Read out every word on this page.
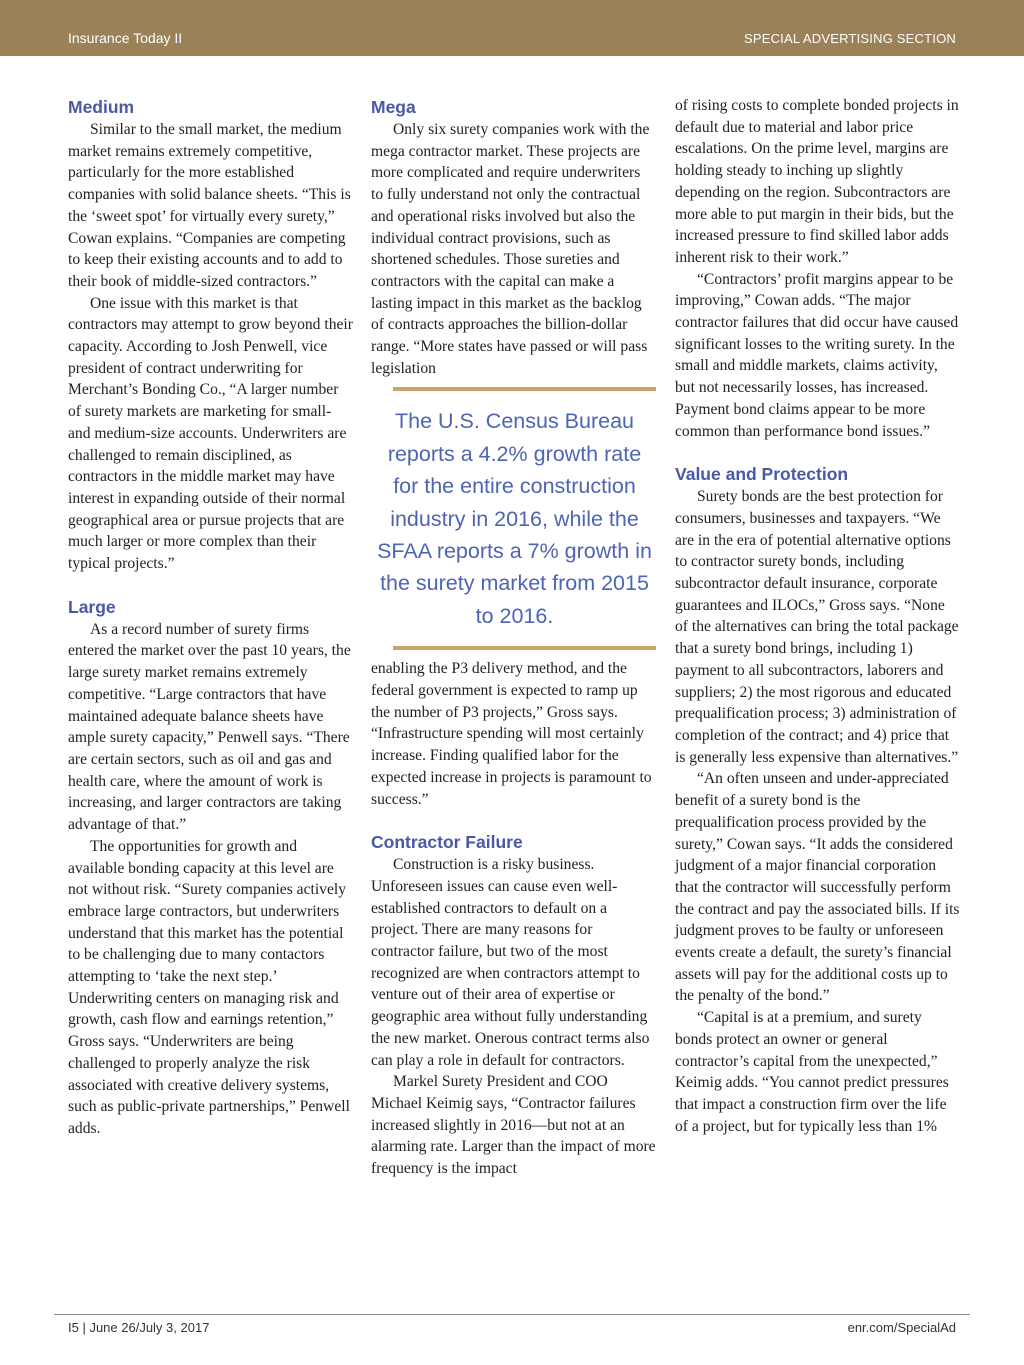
Insurance Today II	SPECIAL ADVERTISING SECTION
Medium

Similar to the small market, the medium market remains extremely competitive, particularly for the more established companies with solid balance sheets. “This is the ‘sweet spot’ for virtually every surety,” Cowan explains. “Companies are competing to keep their existing accounts and to add to their book of middle-sized contractors.”

One issue with this market is that contractors may attempt to grow beyond their capacity. According to Josh Penwell, vice president of contract underwriting for Merchant’s Bonding Co., “A larger number of surety markets are marketing for small- and medium-size accounts. Underwriters are challenged to remain disciplined, as contractors in the middle market may have interest in expanding outside of their normal geographical area or pursue projects that are much larger or more complex than their typical projects.”

Large

As a record number of surety firms entered the market over the past 10 years, the large surety market remains extremely competitive. “Large contractors that have maintained adequate balance sheets have ample surety capacity,” Penwell says. “There are certain sectors, such as oil and gas and health care, where the amount of work is increasing, and larger contractors are taking advantage of that.”

The opportunities for growth and available bonding capacity at this level are not without risk. “Surety companies actively embrace large contractors, but underwriters understand that this market has the potential to be challenging due to many contactors attempting to ‘take the next step.’ Underwriting centers on managing risk and growth, cash flow and earnings retention,” Gross says. “Underwriters are being challenged to properly analyze the risk associated with creative delivery systems, such as public-private partnerships,” Penwell adds.

Mega

Only six surety companies work with the mega contractor market. These projects are more complicated and require underwriters to fully understand not only the contractual and operational risks involved but also the individual contract provisions, such as shortened schedules. Those sureties and contractors with the capital can make a lasting impact in this market as the backlog of contracts approaches the billion-dollar range. “More states have passed or will pass legislation

The U.S. Census Bureau reports a 4.2% growth rate for the entire construction industry in 2016, while the SFAA reports a 7% growth in the surety market from 2015 to 2016.

enabling the P3 delivery method, and the federal government is expected to ramp up the number of P3 projects,” Gross says. “Infrastructure spending will most certainly increase. Finding qualified labor for the expected increase in projects is paramount to success.”

Contractor Failure

Construction is a risky business. Unforeseen issues can cause even well-established contractors to default on a project. There are many reasons for contractor failure, but two of the most recognized are when contractors attempt to venture out of their area of expertise or geographic area without fully understanding the new market. Onerous contract terms also can play a role in default for contractors.

Markel Surety President and COO Michael Keimig says, “Contractor failures increased slightly in 2016—but not at an alarming rate. Larger than the impact of more frequency is the impact

of rising costs to complete bonded projects in default due to material and labor price escalations. On the prime level, margins are holding steady to inching up slightly depending on the region. Subcontractors are more able to put margin in their bids, but the increased pressure to find skilled labor adds inherent risk to their work.”

“Contractors’ profit margins appear to be improving,” Cowan adds. “The major contractor failures that did occur have caused significant losses to the writing surety. In the small and middle markets, claims activity, but not necessarily losses, has increased. Payment bond claims appear to be more common than performance bond issues.”

Value and Protection

Surety bonds are the best protection for consumers, businesses and taxpayers. “We are in the era of potential alternative options to contractor surety bonds, including subcontractor default insurance, corporate guarantees and ILOCs,” Gross says. “None of the alternatives can bring the total package that a surety bond brings, including 1) payment to all subcontractors, laborers and suppliers; 2) the most rigorous and educated prequalification process; 3) administration of completion of the contract; and 4) price that is generally less expensive than alternatives.”

“An often unseen and under-appreciated benefit of a surety bond is the prequalification process provided by the surety,” Cowan says. “It adds the considered judgment of a major financial corporation that the contractor will successfully perform the contract and pay the associated bills. If its judgment proves to be faulty or unforeseen events create a default, the surety’s financial assets will pay for the additional costs up to the penalty of the bond.”

“Capital is at a premium, and surety bonds protect an owner or general contractor’s capital from the unexpected,” Keimig adds. “You cannot predict pressures that impact a construction firm over the life of a project, but for typically less than 1%

I5 | June 26/July 3, 2017	enr.com/SpecialAd
